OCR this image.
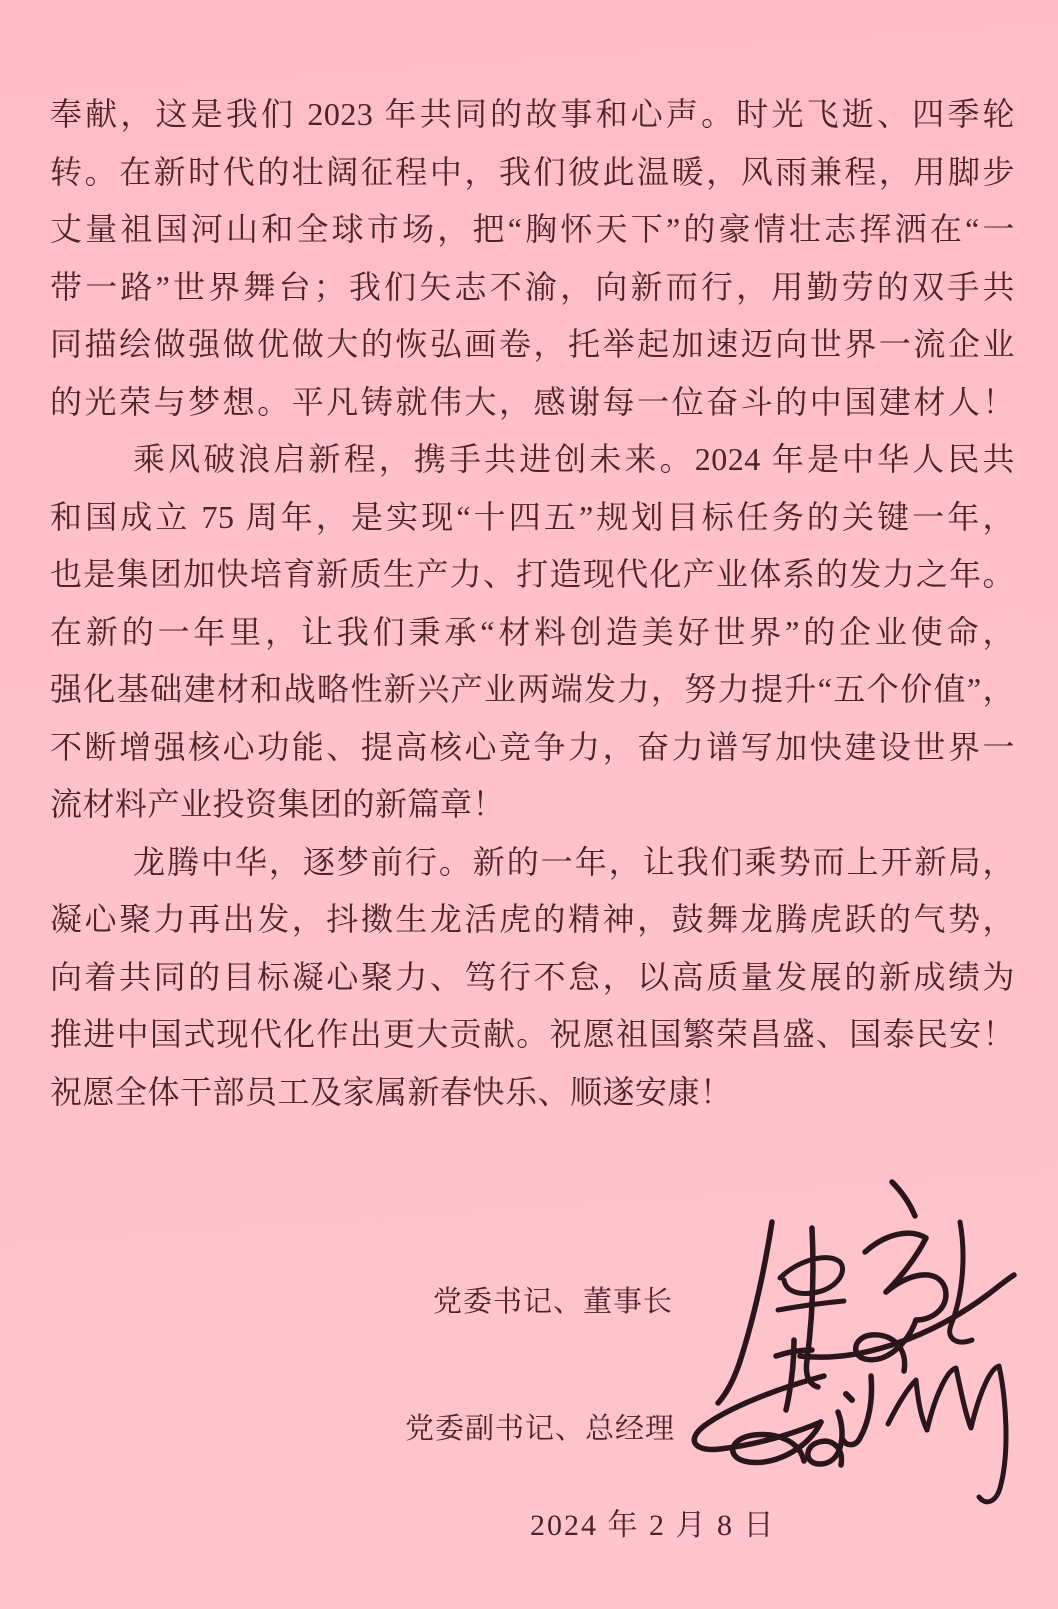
奉献，这是我们 2023 年共同的故事和心声。时光飞逝、四季轮
转。在新时代的壮阔征程中，我们彼此温暖，风雨兼程，用脚步
丈量祖国河山和全球市场，把“胸怀天下”的豪情壮志挥洒在“一
带一路”世界舞台；我们矢志不渝，向新而行，用勤劳的双手共
同描绘做强做优做大的恢弘画卷，托举起加速迈向世界一流企业
的光荣与梦想。平凡铸就伟大，感谢每一位奋斗的中国建材人！
乘风破浪启新程，携手共进创未来。2024 年是中华人民共
和国成立 75 周年，是实现“十四五”规划目标任务的关键一年，
也是集团加快培育新质生产力、打造现代化产业体系的发力之年。
在新的一年里，让我们秉承“材料创造美好世界”的企业使命，
强化基础建材和战略性新兴产业两端发力，努力提升“五个价值”，
不断增强核心功能、提高核心竞争力，奋力谱写加快建设世界一
流材料产业投资集团的新篇章！
龙腾中华，逐梦前行。新的一年，让我们乘势而上开新局，
凝心聚力再出发，抖擞生龙活虎的精神，鼓舞龙腾虎跃的气势，
向着共同的目标凝心聚力、笃行不怠，以高质量发展的新成绩为
推进中国式现代化作出更大贡献。祝愿祖国繁荣昌盛、国泰民安！
祝愿全体干部员工及家属新春快乐、顺遂安康！
党委书记、董事长
党委副书记、总经理
2024 年 2 月 8 日
